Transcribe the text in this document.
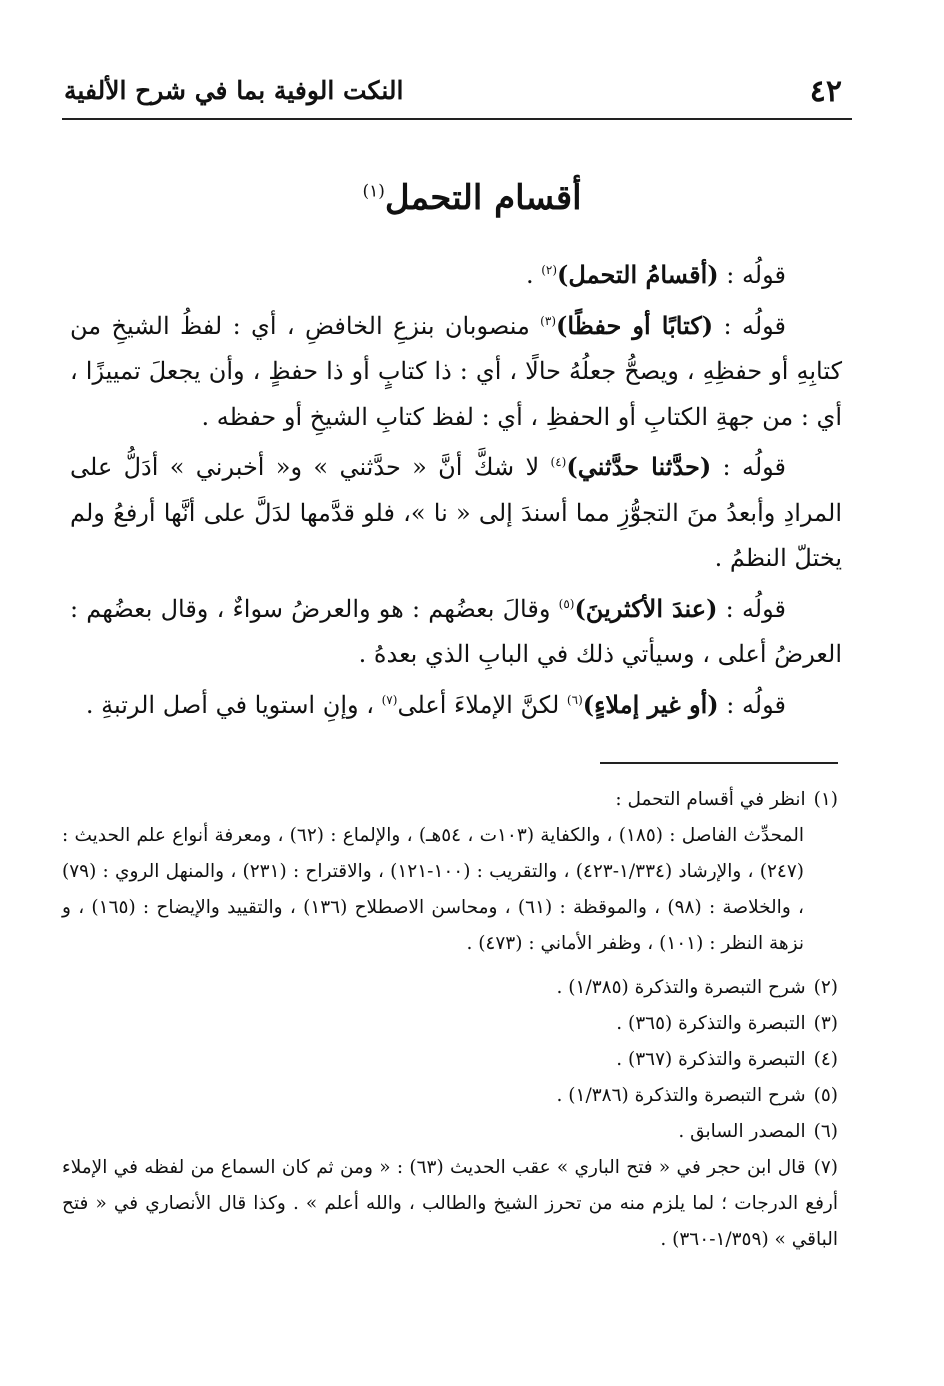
٤٢
النكت الوفية بما في شرح الألفية
أقسام التحمل$^{(١)}$

قولُه : (أقسامُ التحمل)$^{(٢)}$ .

قولُه : (كتابًا أو حفظًا)$^{(٣)}$ منصوبان بنزعِ الخافضِ ، أي : لفظُ الشيخِ من كتابِهِ أو حفظِهِ ، ويصحُّ جعلُهُ حالًا ، أي : ذا كتابٍ أو ذا حفظٍ ، وأن يجعلَ تمييزًا ، أي : من جهةِ الكتابِ أو الحفظِ ، أي : لفظ كتابِ الشيخِ أو حفظه .

قولُه : (حدَّثنا حدَّثني)$^{(٤)}$ لا شكَّ أنَّ « حدَّثني » و« أخبرني » أدَلُّ على المرادِ وأبعدُ منَ التجوُّزِ مما أسندَ إلى « نا »، فلو قدَّمها لدَلَّ على أنَّها أرفعُ ولم يختلّ النظمُ .

قولُه : (عندَ الأكثرينَ)$^{(٥)}$ وقالَ بعضُهم : هو والعرضُ سواءٌ ، وقال بعضُهم : العرضُ أعلى ، وسيأتي ذلك في البابِ الذي بعدهُ .

قولُه : (أو غير إملاءٍ)$^{(٦)}$ لكنَّ الإملاءَ أعلى$^{(٧)}$ ، وإنِ استويا في أصل الرتبةِ .

(١)انظر في أقسام التحمل :

المحدِّث الفاصل : (١٨٥) ، والكفاية (١٠٣ت ، ٥٤هـ) ، والإلماع : (٦٢) ، ومعرفة أنواع علم الحديث : (٢٤٧) ، والإرشاد (١/٣٣٤-٤٢٣) ، والتقريب : (١٠٠-١٢١) ، والاقتراح : (٢٣١) ، والمنهل الروي : (٧٩) ، والخلاصة : (٩٨) ، والموقظة : (٦١) ، ومحاسن الاصطلاح (١٣٦) ، والتقييد والإيضاح : (١٦٥) ، و نزهة النظر : (١٠١) ، وظفر الأماني : (٤٧٣) .

(٢)شرح التبصرة والتذكرة (١/٣٨٥) .

(٣)التبصرة والتذكرة (٣٦٥) .

(٤)التبصرة والتذكرة (٣٦٧) .

(٥)شرح التبصرة والتذكرة (١/٣٨٦) .

(٦)المصدر السابق .

(٧)قال ابن حجر في « فتح الباري » عقب الحديث (٦٣) : « ومن ثم كان السماع من لفظه في الإملاء أرفع الدرجات ؛ لما يلزم منه من تحرز الشيخ والطالب ، والله أعلم » . وكذا قال الأنصاري في « فتح الباقي » (١/٣٥٩-٣٦٠) .
